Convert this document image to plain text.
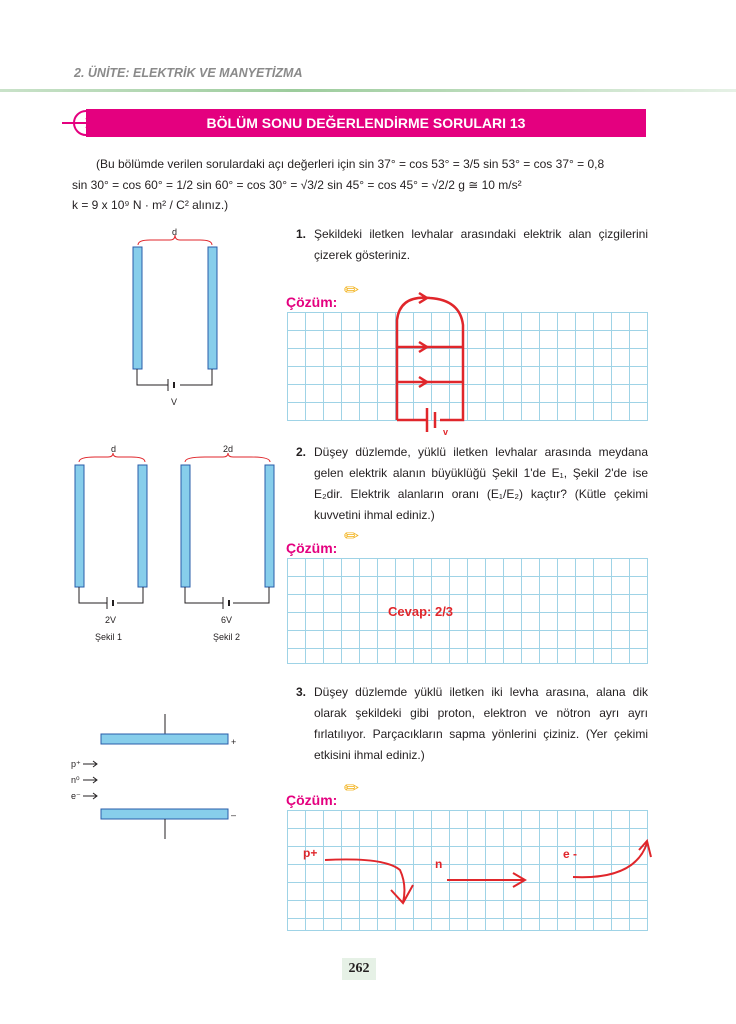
2. ÜNİTE: ELEKTRİK VE MANYETİZMA
BÖLÜM SONU DEĞERLENDİRME SORULARI 13
(Bu bölümde verilen sorulardaki açı değerleri için sin 37° = cos 53° = 3/5 sin 53° = cos 37° = 0,8
sin 30° = cos 60° = 1/2 sin 60° = cos 30° = √3/2 sin 45° = cos 45° = √2/2 g ≅ 10 m/s²
k = 9 x 10⁹ N · m² / C² alınız.)
d
V
1. Şekildeki iletken levhalar arasındaki elektrik alan çizgilerini çizerek gösteriniz.
Çözüm:
✏
v
d
2V
Şekil 1
2d
6V
Şekil 2
2. Düşey düzlemde, yüklü iletken levhalar arasında meydana gelen elektrik alanın büyüklüğü Şekil 1'de E₁, Şekil 2'de ise E₂dir. Elektrik alanların oranı (E₁/E₂) kaçtır? (Kütle çekimi kuvvetini ihmal ediniz.)
Çözüm:
✏
Cevap: 2/3
+
p⁺
n⁰
e⁻
–
3. Düşey düzlemde yüklü iletken iki levha arasına, alana dik olarak şekildeki gibi proton, elektron ve nötron ayrı ayrı fırlatılıyor. Parçacıkların sapma yönlerini çiziniz. (Yer çekimi etkisini ihmal ediniz.)
Çözüm:
✏
p+
n
e -
262
